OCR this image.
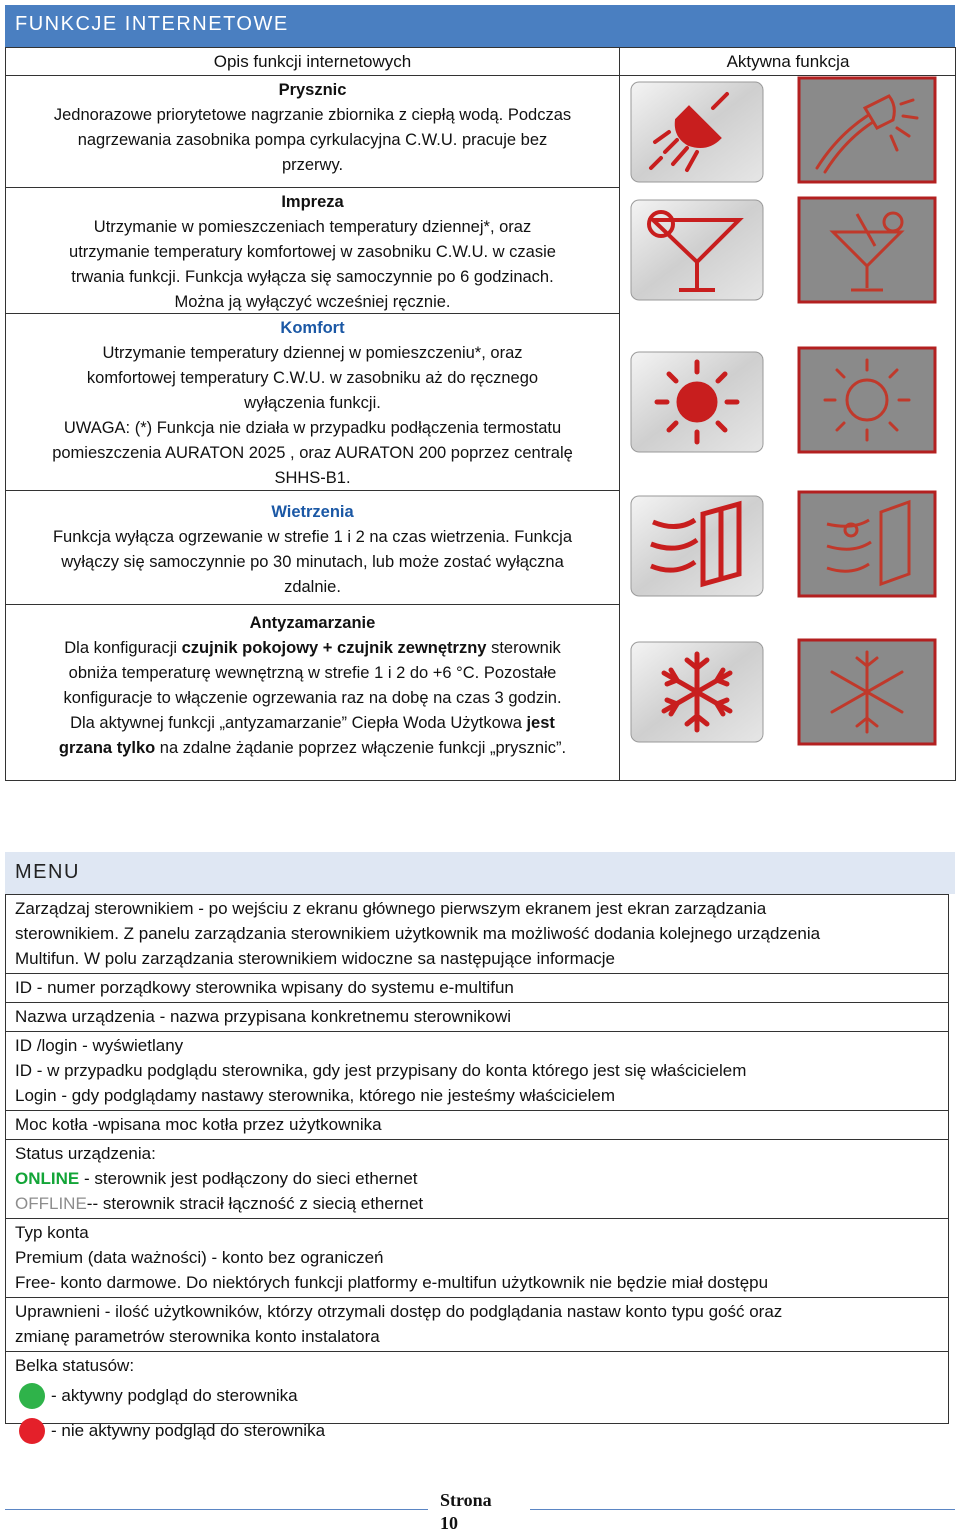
FUNKCJE INTERNETOWE
Opis funkcji internetowych	Aktywna funkcja
Prysznic
Jednorazowe priorytetowe nagrzanie zbiornika z ciepłą wodą. Podczas
nagrzewania zasobnika pompa cyrkulacyjna C.W.U. pracuje bez
przerwy.
Impreza
Utrzymanie w pomieszczeniach temperatury dziennej*, oraz
utrzymanie temperatury komfortowej w zasobniku C.W.U. w czasie
trwania funkcji. Funkcja wyłącza się samoczynnie po 6 godzinach.
Można ją wyłączyć wcześniej ręcznie.
Komfort
Utrzymanie temperatury dziennej w pomieszczeniu*, oraz
komfortowej temperatury C.W.U. w zasobniku aż do ręcznego
wyłączenia funkcji.
UWAGA: (*) Funkcja nie działa w przypadku podłączenia termostatu
pomieszczenia AURATON 2025 , oraz AURATON 200 poprzez centralę
SHHS-B1.
Wietrzenia
Funkcja wyłącza ogrzewanie w strefie 1 i 2 na czas wietrzenia. Funkcja
wyłączy się samoczynnie po 30 minutach, lub może zostać wyłączna
zdalnie.
Antyzamarzanie
Dla konfiguracji czujnik pokojowy + czujnik zewnętrzny sterownik
obniża temperaturę wewnętrzną w strefie 1 i 2 do +6 °C. Pozostałe
konfiguracje to włączenie ogrzewania raz na dobę na czas 3 godzin.
Dla aktywnej funkcji „antyzamarzanie” Ciepła Woda Użytkowa jest
grzana tylko na zdalne żądanie poprzez włączenie funkcji „prysznic”.
MENU
Zarządzaj sterownikiem - po wejściu z ekranu głównego pierwszym ekranem jest ekran zarządzania
sterownikiem. Z panelu zarządzania sterownikiem użytkownik ma możliwość dodania kolejnego urządzenia
Multifun. W polu zarządzania sterownikiem widoczne sa następujące informacje
ID - numer porządkowy sterownika wpisany do systemu e-multifun
Nazwa urządzenia - nazwa przypisana konkretnemu sterownikowi
ID /login - wyświetlany
ID - w przypadku podglądu sterownika, gdy jest przypisany do konta którego jest się właścicielem
Login - gdy podglądamy nastawy sterownika, którego nie jesteśmy właścicielem
Moc kotła -wpisana moc kotła przez użytkownika
Status urządzenia:
ONLINE - sterownik jest podłączony do sieci ethernet
OFFLINE-- sterownik stracił łączność z siecią ethernet
Typ konta
Premium (data ważności) - konto bez ograniczeń
Free- konto darmowe. Do niektórych funkcji platformy e-multifun użytkownik nie będzie miał dostępu
Uprawnieni - ilość użytkowników, którzy otrzymali dostęp do podglądania nastaw konto typu gość oraz
zmianę parametrów sterownika konto instalatora
Belka statusów:
- aktywny podgląd do sterownika
- nie aktywny podgląd do sterownika
Strona
10
